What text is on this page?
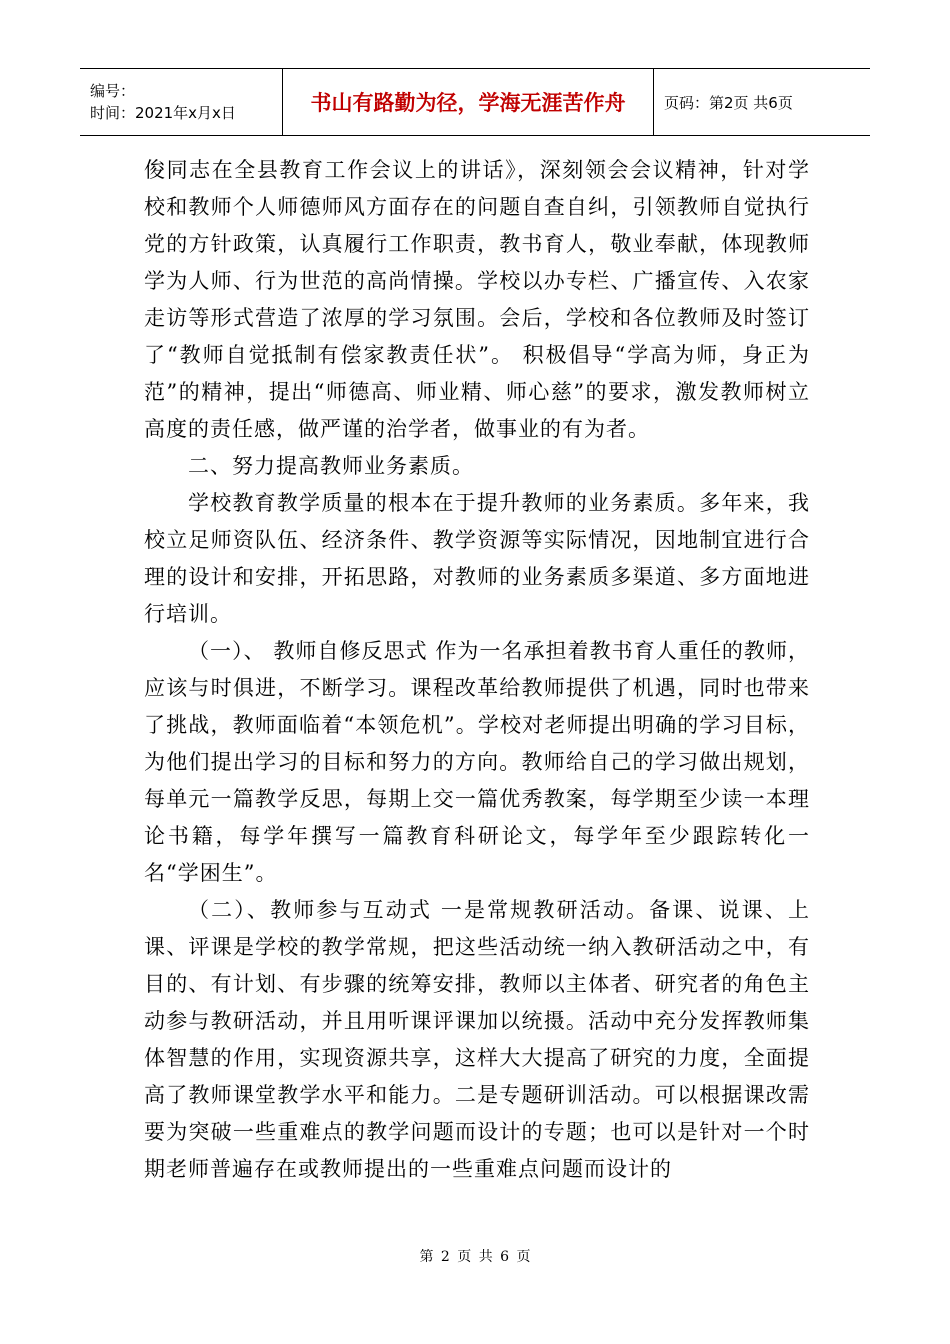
编号：
时间：2021年x月x日	书山有路勤为径，学海无涯苦作舟	页码：第2页 共6页

俊同志在全县教育工作会议上的讲话》，深刻领会会议精神，针对学校和教师个人师德师风方面存在的问题自查自纠，引领教师自觉执行党的方针政策，认真履行工作职责，教书育人，敬业奉献，体现教师学为人师、行为世范的高尚情操。学校以办专栏、广播宣传、入农家走访等形式营造了浓厚的学习氛围。会后，学校和各位教师及时签订了“教师自觉抵制有偿家教责任状”。 积极倡导“学高为师，身正为范”的精神，提出“师德高、师业精、师心慈”的要求，激发教师树立高度的责任感，做严谨的治学者，做事业的有为者。

二、努力提高教师业务素质。

学校教育教学质量的根本在于提升教师的业务素质。多年来，我校立足师资队伍、经济条件、教学资源等实际情况，因地制宜进行合理的设计和安排，开拓思路，对教师的业务素质多渠道、多方面地进行培训。

（一）、 教师自修反思式 作为一名承担着教书育人重任的教师，应该与时俱进，不断学习。课程改革给教师提供了机遇，同时也带来了挑战，教师面临着“本领危机”。学校对老师提出明确的学习目标，为他们提出学习的目标和努力的方向。教师给自己的学习做出规划，每单元一篇教学反思，每期上交一篇优秀教案，每学期至少读一本理论书籍，每学年撰写一篇教育科研论文，每学年至少跟踪转化一名“学困生”。

（二）、教师参与互动式 一是常规教研活动。备课、说课、上课、评课是学校的教学常规，把这些活动统一纳入教研活动之中，有目的、有计划、有步骤的统筹安排，教师以主体者、研究者的角色主动参与教研活动，并且用听课评课加以统摄。活动中充分发挥教师集体智慧的作用，实现资源共享，这样大大提高了研究的力度，全面提高了教师课堂教学水平和能力。二是专题研训活动。可以根据课改需要为突破一些重难点的教学问题而设计的专题；也可以是针对一个时期老师普遍存在或教师提出的一些重难点问题而设计的

第 2 页 共 6 页
